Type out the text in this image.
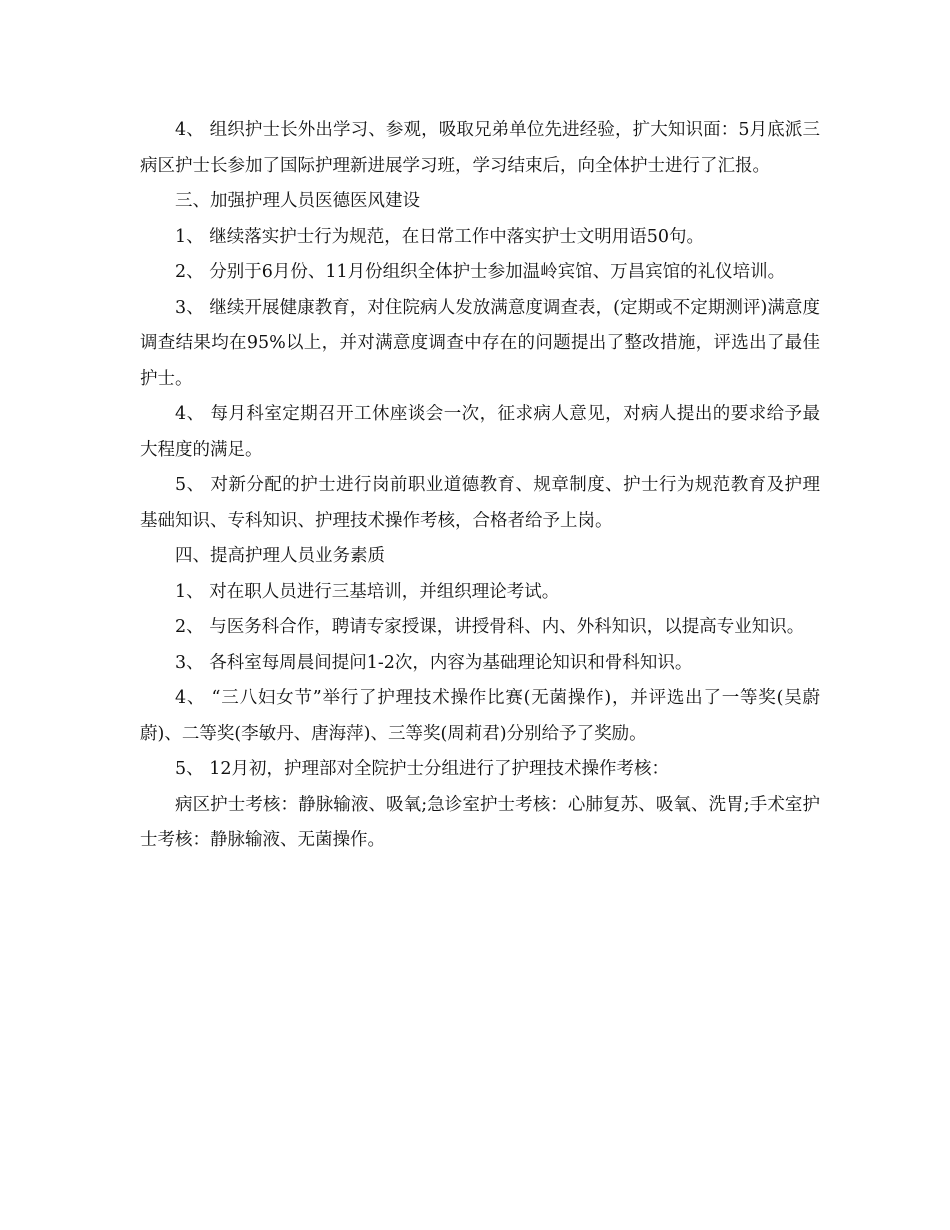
4、 组织护士长外出学习、参观，吸取兄弟单位先进经验，扩大知识面：5月底派三病区护士长参加了国际护理新进展学习班，学习结束后，向全体护士进行了汇报。

三、加强护理人员医德医风建设

1、 继续落实护士行为规范，在日常工作中落实护士文明用语50句。

2、 分别于6月份、11月份组织全体护士参加温岭宾馆、万昌宾馆的礼仪培训。

3、 继续开展健康教育，对住院病人发放满意度调查表，(定期或不定期测评)满意度调查结果均在95%以上，并对满意度调查中存在的问题提出了整改措施，评选出了最佳护士。

4、 每月科室定期召开工休座谈会一次，征求病人意见，对病人提出的要求给予最大程度的满足。

5、 对新分配的护士进行岗前职业道德教育、规章制度、护士行为规范教育及护理基础知识、专科知识、护理技术操作考核，合格者给予上岗。

四、提高护理人员业务素质

1、 对在职人员进行三基培训，并组织理论考试。

2、 与医务科合作，聘请专家授课，讲授骨科、内、外科知识，以提高专业知识。

3、 各科室每周晨间提问1-2次，内容为基础理论知识和骨科知识。

4、 “三八妇女节”举行了护理技术操作比赛(无菌操作)，并评选出了一等奖(吴蔚蔚)、二等奖(李敏丹、唐海萍)、三等奖(周莉君)分别给予了奖励。

5、 12月初，护理部对全院护士分组进行了护理技术操作考核：

病区护士考核：静脉输液、吸氧;急诊室护士考核：心肺复苏、吸氧、洗胃;手术室护士考核：静脉输液、无菌操作。
